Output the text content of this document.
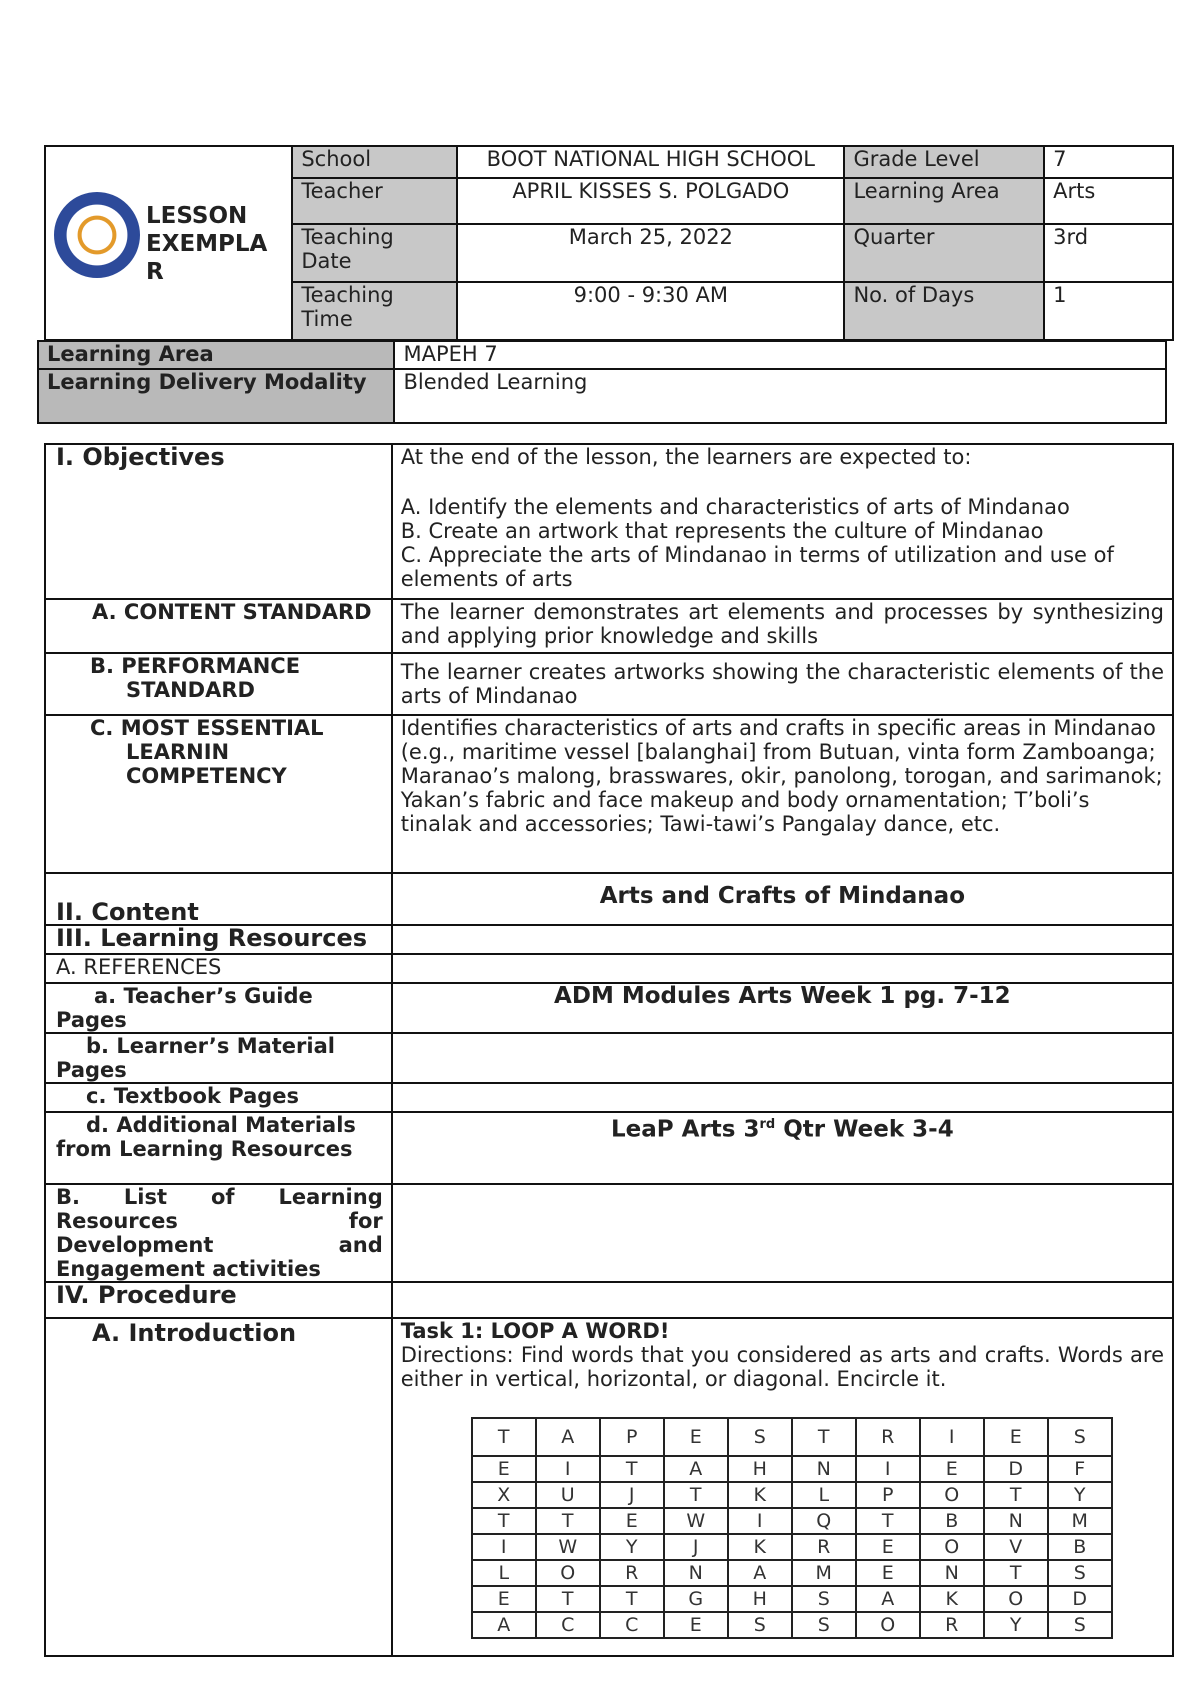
LESSON EXEMPLA R	School	BOOT NATIONAL HIGH SCHOOL	Grade Level	7
	Teacher	APRIL KISSES S. POLGADO	Learning Area	Arts
	Teaching Date	March 25, 2022	Quarter	3rd
	Teaching Time	9:00 - 9:30 AM	No. of Days	1
Learning Area	MAPEH 7
Learning Delivery Modality	Blended Learning
I. Objectives	At the end of the lesson, the learners are expected to:
A. Identify the elements and characteristics of arts of Mindanao
B. Create an artwork that represents the culture of Mindanao
C. Appreciate the arts of Mindanao in terms of utilization and use of elements of arts

A. CONTENT STANDARD	The learner demonstrates art elements and processes by synthesizing and applying prior knowledge and skills
B. PERFORMANCE STANDARD	The learner creates artworks showing the characteristic elements of the arts of Mindanao
C. MOST ESSENTIAL LEARNIN COMPETENCY	Identifies characteristics of arts and crafts in specific areas in Mindanao (e.g., maritime vessel [balanghai] from Butuan, vinta form Zamboanga; Maranao’s malong, brasswares, okir, panolong, torogan, and sarimanok; Yakan’s fabric and face makeup and body ornamentation; T’boli’s tinalak and accessories; Tawi-tawi’s Pangalay dance, etc.
II. Content	Arts and Crafts of Mindanao
III. Learning Resources	
A. REFERENCES	
a. Teacher’s Guide Pages	ADM Modules Arts Week 1 pg. 7-12
b. Learner’s Material Pages	
c. Textbook Pages	
d. Additional Materials from Learning Resources	LeaP Arts 3rd Qtr Week 3-4
B. List of Learning Resources for Development and Engagement activities	
IV. Procedure	
A. Introduction	Task 1: LOOP A WORD!
Directions: Find words that you considered as arts and crafts. Words are either in vertical, horizontal, or diagonal. Encircle it.
T	A	P	E	S	T	R	I	E	S
E	I	T	A	H	N	I	E	D	F
X	U	J	T	K	L	P	O	T	Y
T	T	E	W	I	Q	T	B	N	M
I	W	Y	J	K	R	E	O	V	B
L	O	R	N	A	M	E	N	T	S
E	T	T	G	H	S	A	K	O	D
A	C	C	E	S	S	O	R	Y	S
